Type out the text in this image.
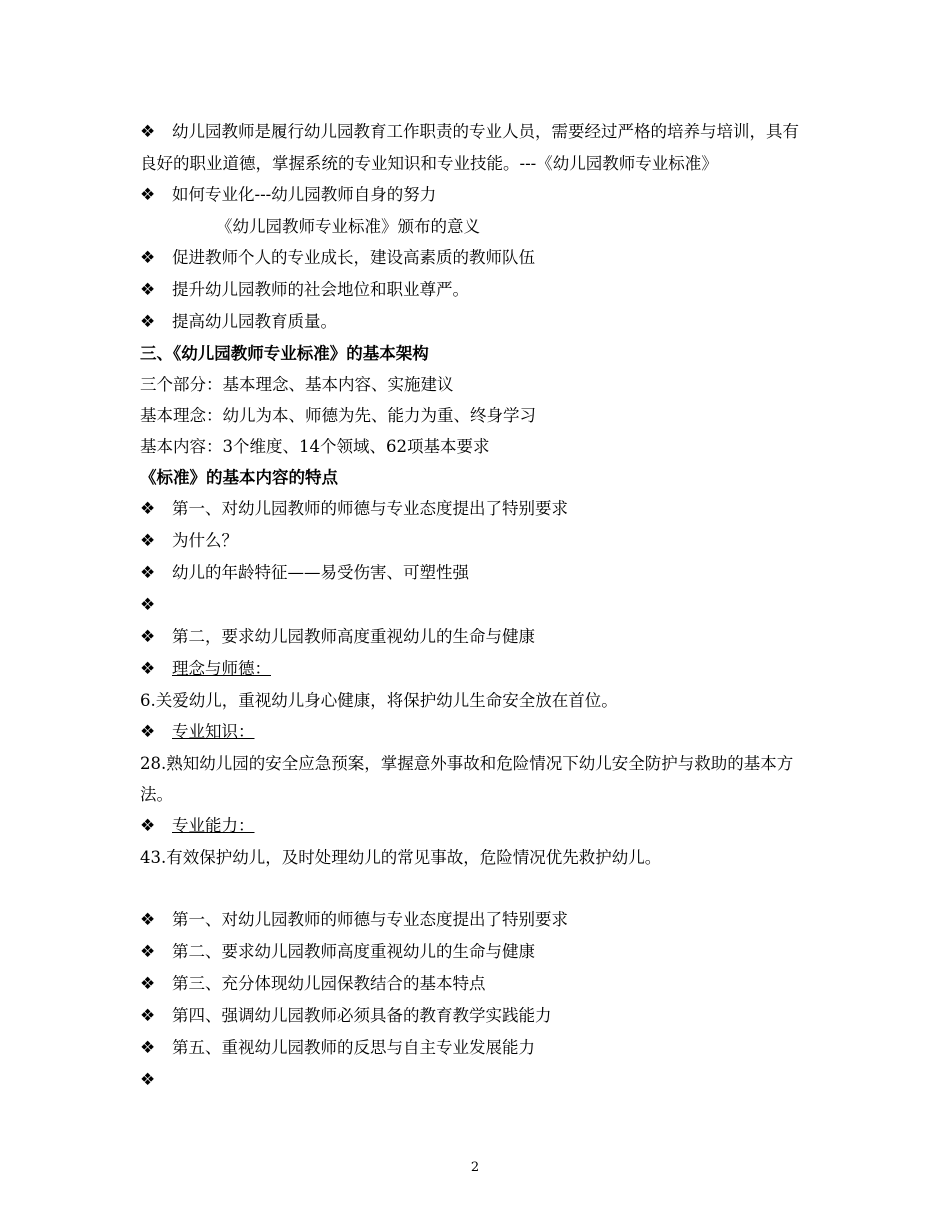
❖ 幼儿园教师是履行幼儿园教育工作职责的专业人员，需要经过严格的培养与培训，具有良好的职业道德，掌握系统的专业知识和专业技能。---《幼儿园教师专业标准》
❖ 如何专业化---幼儿园教师自身的努力
《幼儿园教师专业标准》颁布的意义
❖ 促进教师个人的专业成长，建设高素质的教师队伍
❖ 提升幼儿园教师的社会地位和职业尊严。
❖ 提高幼儿园教育质量。
三、《幼儿园教师专业标准》的基本架构
三个部分：基本理念、基本内容、实施建议
基本理念：幼儿为本、师德为先、能力为重、终身学习
基本内容：3个维度、14个领域、62项基本要求
《标准》的基本内容的特点
❖ 第一、对幼儿园教师的师德与专业态度提出了特别要求
❖ 为什么？
❖ 幼儿的年龄特征——易受伤害、可塑性强
❖
❖ 第二，要求幼儿园教师高度重视幼儿的生命与健康
❖ 理念与师德：
6.关爱幼儿，重视幼儿身心健康，将保护幼儿生命安全放在首位。
❖ 专业知识：
28.熟知幼儿园的安全应急预案，掌握意外事故和危险情况下幼儿安全防护与救助的基本方法。
❖ 专业能力：
43.有效保护幼儿，及时处理幼儿的常见事故，危险情况优先救护幼儿。
❖ 第一、对幼儿园教师的师德与专业态度提出了特别要求
❖ 第二、要求幼儿园教师高度重视幼儿的生命与健康
❖ 第三、充分体现幼儿园保教结合的基本特点
❖ 第四、强调幼儿园教师必须具备的教育教学实践能力
❖ 第五、重视幼儿园教师的反思与自主专业发展能力
❖
2
